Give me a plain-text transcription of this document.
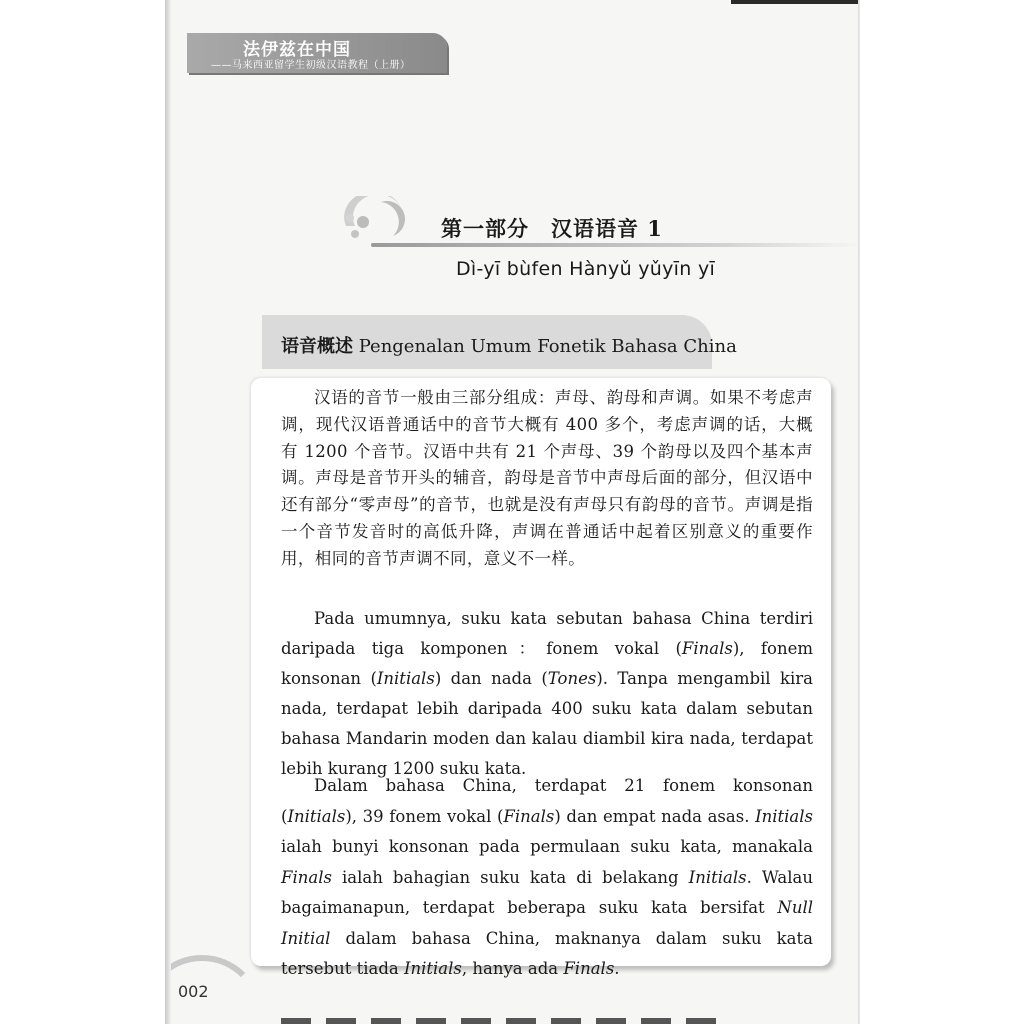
法伊兹在中国
——马来西亚留学生初级汉语教程（上册）
第一部分　汉语语音 1
Dì-yī bùfen Hànyǔ yǔyīn yī
语音概述 Pengenalan Umum Fonetik Bahasa China

汉语的音节一般由三部分组成：声母、韵母和声调。如果不考虑声调，现代汉语普通话中的音节大概有 400 多个，考虑声调的话，大概有 1200 个音节。汉语中共有 21 个声母、39 个韵母以及四个基本声调。声母是音节开头的辅音，韵母是音节中声母后面的部分，但汉语中还有部分“零声母”的音节，也就是没有声母只有韵母的音节。声调是指一个音节发音时的高低升降，声调在普通话中起着区别意义的重要作用，相同的音节声调不同，意义不一样。

Pada umumnya, suku kata sebutan bahasa China terdiri daripada tiga komponen：fonem vokal (Finals), fonem konsonan (Initials) dan nada (Tones). Tanpa mengambil kira nada, terdapat lebih daripada 400 suku kata dalam sebutan bahasa Mandarin moden dan kalau diambil kira nada, terdapat lebih kurang 1200 suku kata.

Dalam bahasa China, terdapat 21 fonem konsonan (Initials), 39 fonem vokal (Finals) dan empat nada asas. Initials ialah bunyi konsonan pada permulaan suku kata, manakala Finals ialah bahagian suku kata di belakang Initials. Walau bagaimanapun, terdapat beberapa suku kata bersifat Null Initial dalam bahasa China, maknanya dalam suku kata tersebut tiada Initials, hanya ada Finals.

002
